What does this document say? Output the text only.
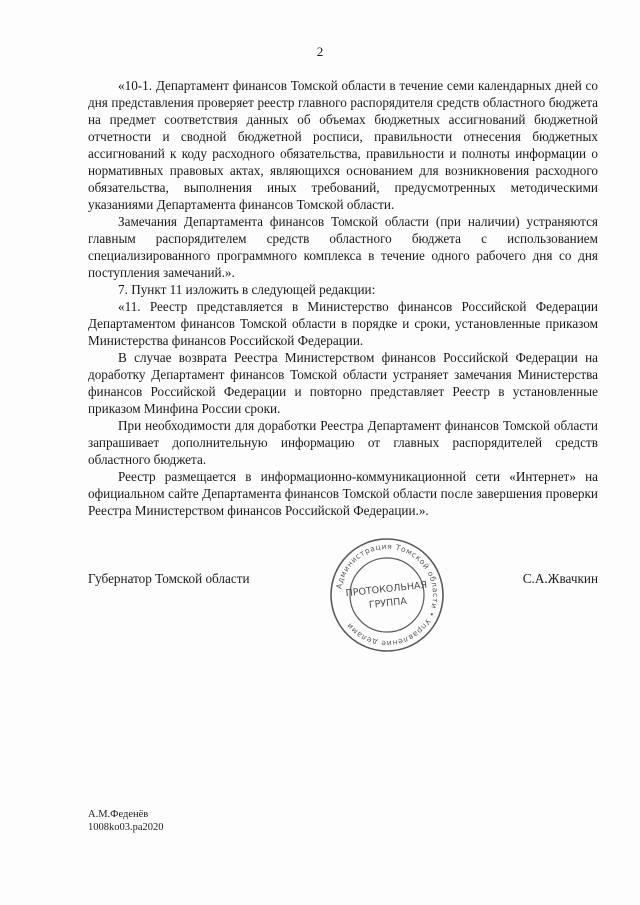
2

«10-1. Департамент финансов Томской области в течение семи календарных дней со дня представления проверяет реестр главного распорядителя средств областного бюджета на предмет соответствия данных об объемах бюджетных ассигнований бюджетной отчетности и сводной бюджетной росписи, правильности отнесения бюджетных ассигнований к коду расходного обязательства, правильности и полноты информации о нормативных правовых актах, являющихся основанием для возникновения расходного обязательства, выполнения иных требований, предусмотренных методическими указаниями Департамента финансов Томской области.

Замечания Департамента финансов Томской области (при наличии) устраняются главным распорядителем средств областного бюджета с использованием специализированного программного комплекса в течение одного рабочего дня со дня поступления замечаний.».

7. Пункт 11 изложить в следующей редакции:

«11. Реестр представляется в Министерство финансов Российской Федерации Департаментом финансов Томской области в порядке и сроки, установленные приказом Министерства финансов Российской Федерации.

В случае возврата Реестра Министерством финансов Российской Федерации на доработку Департамент финансов Томской области устраняет замечания Министерства финансов Российской Федерации и повторно представляет Реестр в установленные приказом Минфина России сроки.

При необходимости для доработки Реестра Департамент финансов Томской области запрашивает дополнительную информацию от главных распорядителей средств областного бюджета.

Реестр размещается в информационно-коммуникационной сети «Интернет» на официальном сайте Департамента финансов Томской области после завершения проверки Реестра Министерством финансов Российской Федерации.».

Губернатор Томской области	С.А.Жвачкин
Администрация Томской области • Управление делами
ПРОТОКОЛЬНАЯ
ГРУППА
А.М.Феденёв
1008ko03.pa2020
